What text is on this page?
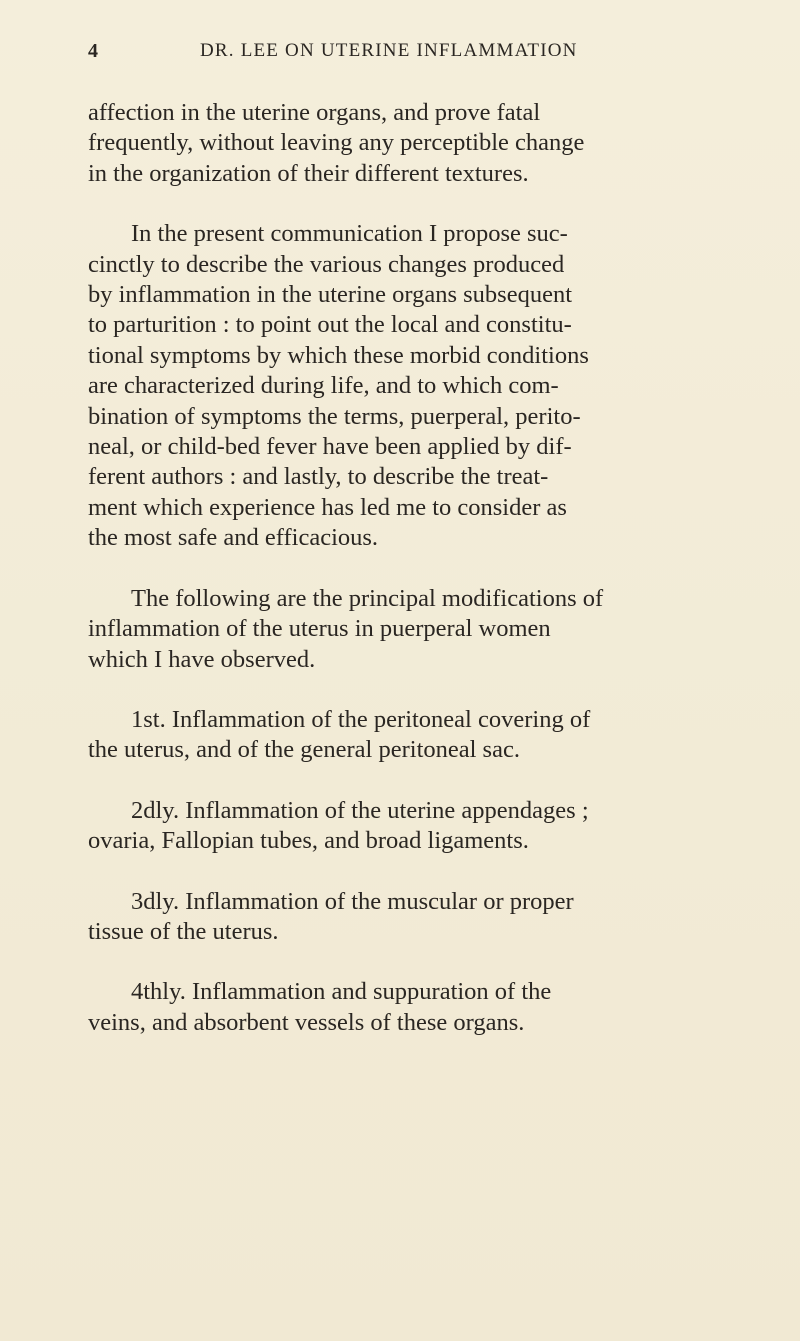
4	DR. LEE ON UTERINE INFLAMMATION
affection in the uterine organs, and prove fatal
frequently, without leaving any perceptible change
in the organization of their different textures.
In the present communication I propose suc-
cinctly to describe the various changes produced
by inflammation in the uterine organs subsequent
to parturition : to point out the local and constitu-
tional symptoms by which these morbid conditions
are characterized during life, and to which com-
bination of symptoms the terms, puerperal, perito-
neal, or child-bed fever have been applied by dif-
ferent authors : and lastly, to describe the treat-
ment which experience has led me to consider as
the most safe and efficacious.
The following are the principal modifications of
inflammation of the uterus in puerperal women
which I have observed.
1st. Inflammation of the peritoneal covering of
the uterus, and of the general peritoneal sac.
2dly. Inflammation of the uterine appendages ;
ovaria, Fallopian tubes, and broad ligaments.
3dly. Inflammation of the muscular or proper
tissue of the uterus.
4thly. Inflammation and suppuration of the
veins, and absorbent vessels of these organs.
